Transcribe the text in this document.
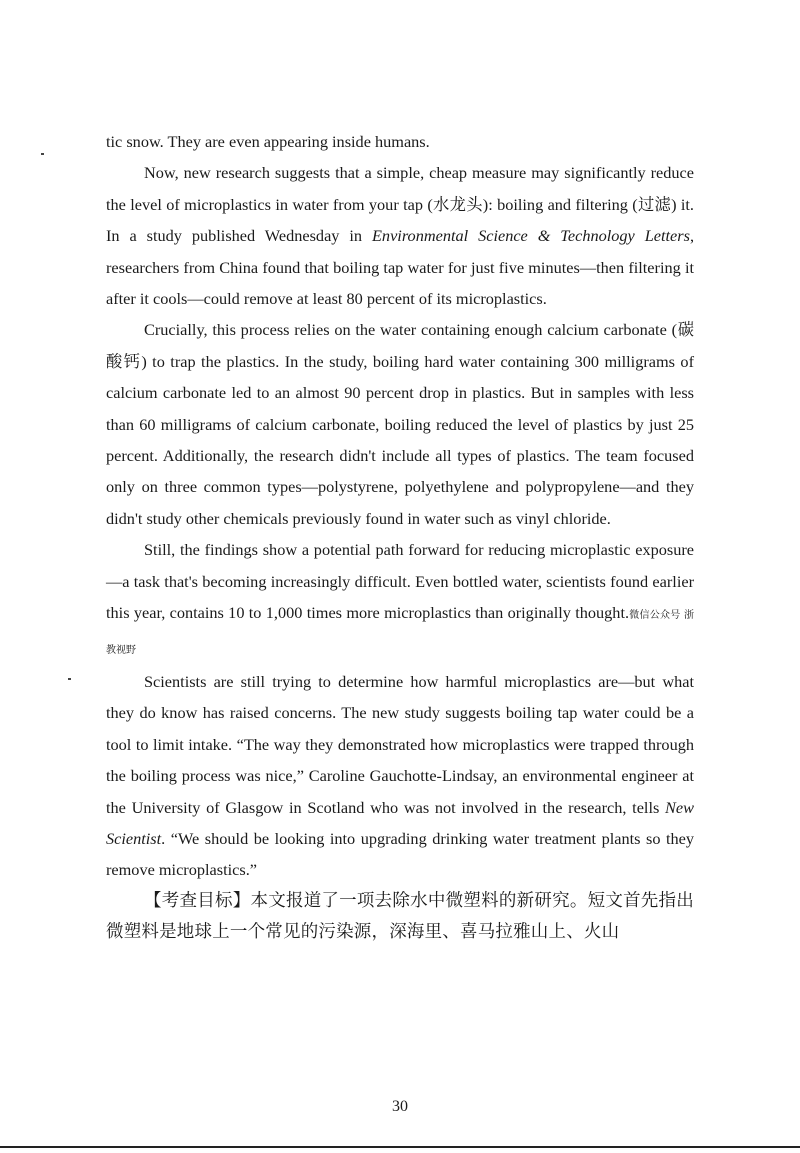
tic snow. They are even appearing inside humans.

Now, new research suggests that a simple, cheap measure may significantly reduce the level of microplastics in water from your tap (水龙头): boiling and filtering (过滤) it. In a study published Wednesday in Environmental Science & Technology Letters, researchers from China found that boiling tap water for just five minutes—then filtering it after it cools—could remove at least 80 percent of its microplastics.

Crucially, this process relies on the water containing enough calcium carbonate (碳酸钙) to trap the plastics. In the study, boiling hard water containing 300 milligrams of calcium carbonate led to an almost 90 percent drop in plastics. But in samples with less than 60 milligrams of calcium carbonate, boiling reduced the level of plastics by just 25 percent. Additionally, the research didn't include all types of plastics. The team focused only on three common types—polystyrene, polyethylene and polypropylene—and they didn't study other chemicals previously found in water such as vinyl chloride.

Still, the findings show a potential path forward for reducing microplastic exposure—a task that's becoming increasingly difficult. Even bottled water, scientists found earlier this year, contains 10 to 1,000 times more microplastics than originally thought.微信公众号 浙教视野

Scientists are still trying to determine how harmful microplastics are—but what they do know has raised concerns. The new study suggests boiling tap water could be a tool to limit intake. “The way they demonstrated how microplastics were trapped through the boiling process was nice,” Caroline Gauchotte-Lindsay, an environmental engineer at the University of Glasgow in Scotland who was not involved in the research, tells New Scientist. “We should be looking into upgrading drinking water treatment plants so they remove microplastics.”

【考查目标】本文报道了一项去除水中微塑料的新研究。短文首先指出微塑料是地球上一个常见的污染源，深海里、喜马拉雅山上、火山

30
